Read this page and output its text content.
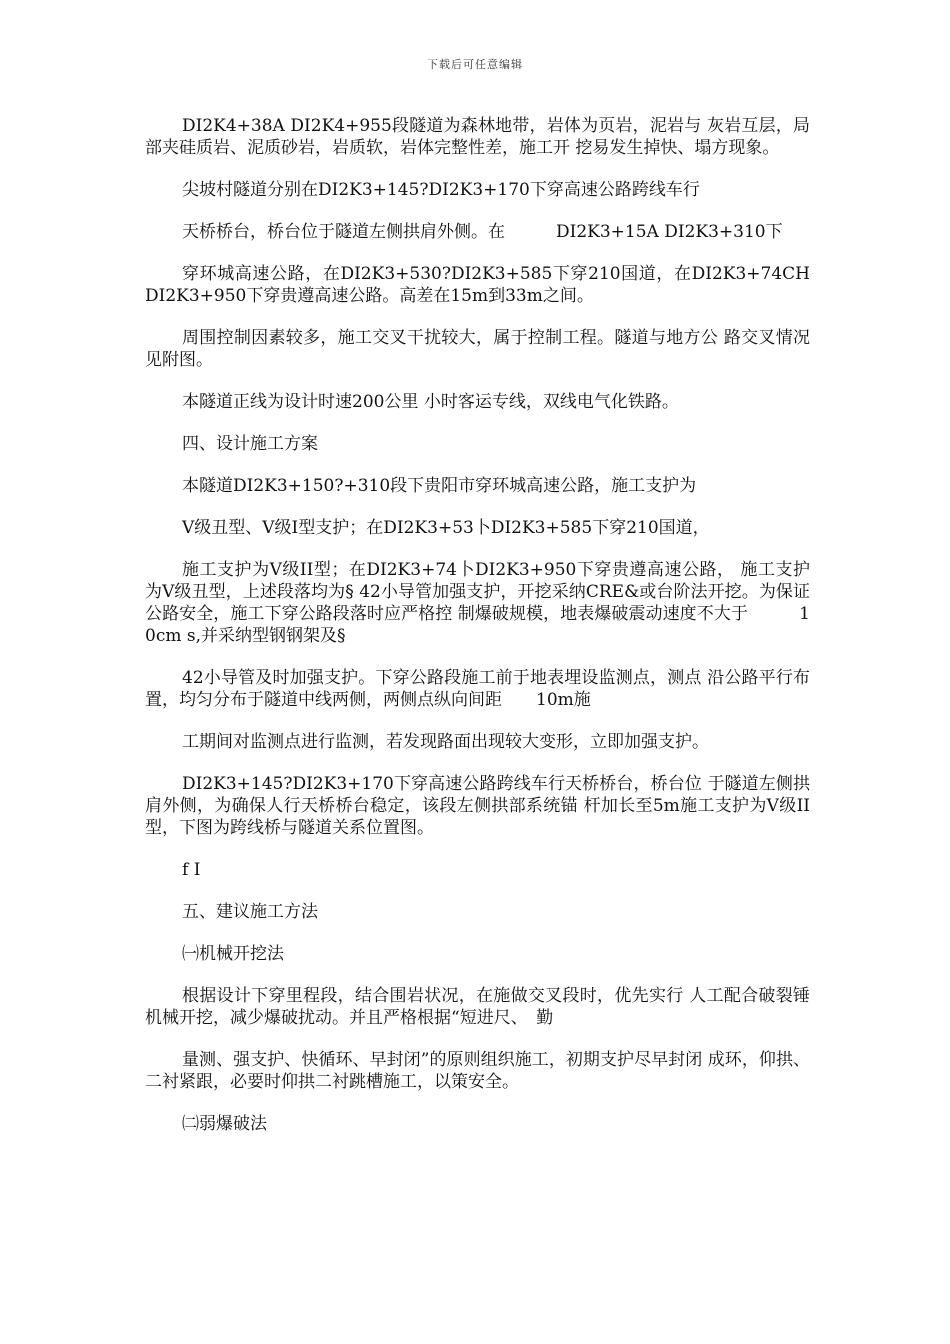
下载后可任意编辑

DI2K4+38A DI2K4+955段隧道为森林地带，岩体为页岩，泥岩与 灰岩互层，局部夹硅质岩、泥质砂岩，岩质软，岩体完整性差，施工开 挖易发生掉快、塌方现象。

尖坡村隧道分别在DI2K3+145?DI2K3+170下穿高速公路跨线车行

天桥桥台，桥台位于隧道左侧拱肩外侧。在　　　DI2K3+15A DI2K3+310下

穿环城高速公路，在DI2K3+530?DI2K3+585下穿210国道，在DI2K3+74CHDI2K3+950下穿贵遵高速公路。高差在15m到33m之间。

周围控制因素较多，施工交叉干扰较大，属于控制工程。隧道与地方公 路交叉情况见附图。

本隧道正线为设计时速200公里 小时客运专线，双线电气化铁路。

四、设计施工方案

本隧道DI2K3+150?+310段下贵阳市穿环城高速公路，施工支护为

V级丑型、V级I型支护；在DI2K3+53卜DI2K3+585下穿210国道，

施工支护为V级II型；在DI2K3+74卜DI2K3+950下穿贵遵高速公路， 施工支护为V级丑型，上述段落均为§ 42小导管加强支护，开挖采纳CRE&或台阶法开挖。为保证公路安全，施工下穿公路段落时应严格控 制爆破规模，地表爆破震动速度不大于　　　10cm s,并采纳型钢钢架及§

42小导管及时加强支护。下穿公路段施工前于地表埋设监测点，测点 沿公路平行布置，均匀分布于隧道中线两侧，两侧点纵向间距　　10m施

工期间对监测点进行监测，若发现路面出现较大变形，立即加强支护。

DI2K3+145?DI2K3+170下穿高速公路跨线车行天桥桥台，桥台位 于隧道左侧拱肩外侧，为确保人行天桥桥台稳定，该段左侧拱部系统锚 杆加长至5m施工支护为V级II型，下图为跨线桥与隧道关系位置图。

f I

五、建议施工方法

㈠机械开挖法

根据设计下穿里程段，结合围岩状况，在施做交叉段时，优先实行 人工配合破裂锤机械开挖，减少爆破扰动。并且严格根据“短进尺、　勤

量测、强支护、快循环、早封闭”的原则组织施工，初期支护尽早封闭 成环，仰拱、二衬紧跟，必要时仰拱二衬跳槽施工，以策安全。

㈡弱爆破法
